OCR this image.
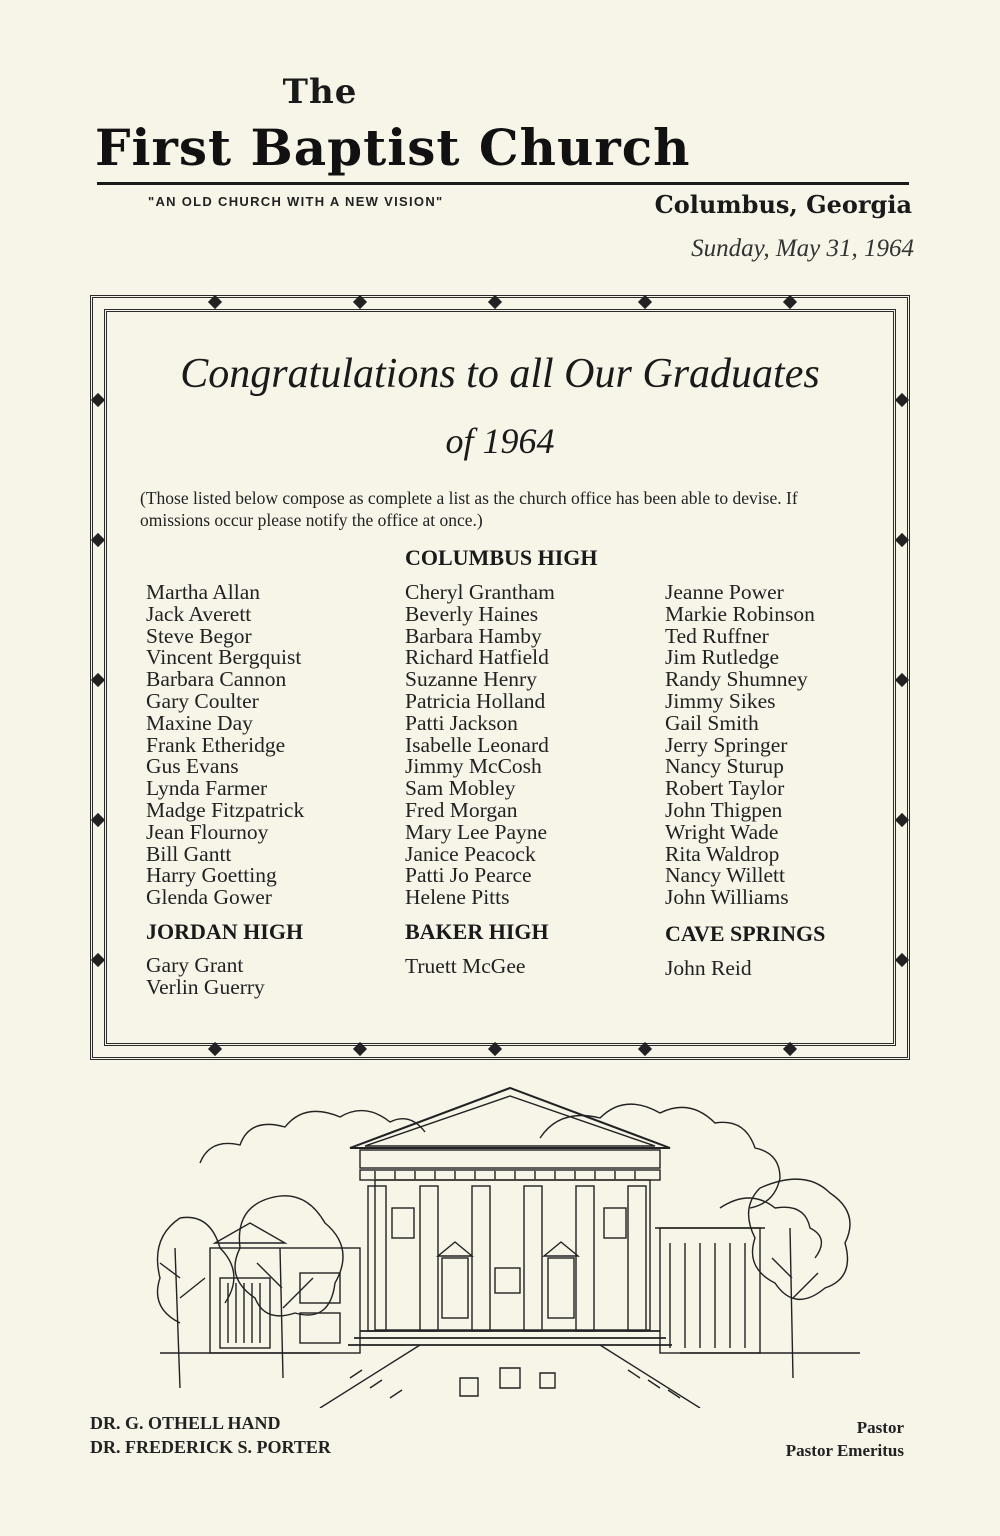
The
First Baptist Church
"AN OLD CHURCH WITH A NEW VISION"	Columbus, Georgia
Sunday, May 31, 1964
Congratulations to all Our Graduates
of 1964
(Those listed below compose as complete a list as the church office has been able to devise. If omissions occur please notify the office at once.)
COLUMBUS HIGH
Martha Allan
Jack Averett
Steve Begor
Vincent Bergquist
Barbara Cannon
Gary Coulter
Maxine Day
Frank Etheridge
Gus Evans
Lynda Farmer
Madge Fitzpatrick
Jean Flournoy
Bill Gantt
Harry Goetting
Glenda Gower
Cheryl Grantham
Beverly Haines
Barbara Hamby
Richard Hatfield
Suzanne Henry
Patricia Holland
Patti Jackson
Isabelle Leonard
Jimmy McCosh
Sam Mobley
Fred Morgan
Mary Lee Payne
Janice Peacock
Patti Jo Pearce
Helene Pitts
Jeanne Power
Markie Robinson
Ted Ruffner
Jim Rutledge
Randy Shumney
Jimmy Sikes
Gail Smith
Jerry Springer
Nancy Sturup
Robert Taylor
John Thigpen
Wright Wade
Rita Waldrop
Nancy Willett
John Williams
JORDAN HIGH
Gary Grant
Verlin Guerry
BAKER HIGH
Truett McGee
CAVE SPRINGS
John Reid
DR. G. OTHELL HAND
DR. FREDERICK S. PORTER
Pastor
Pastor Emeritus
